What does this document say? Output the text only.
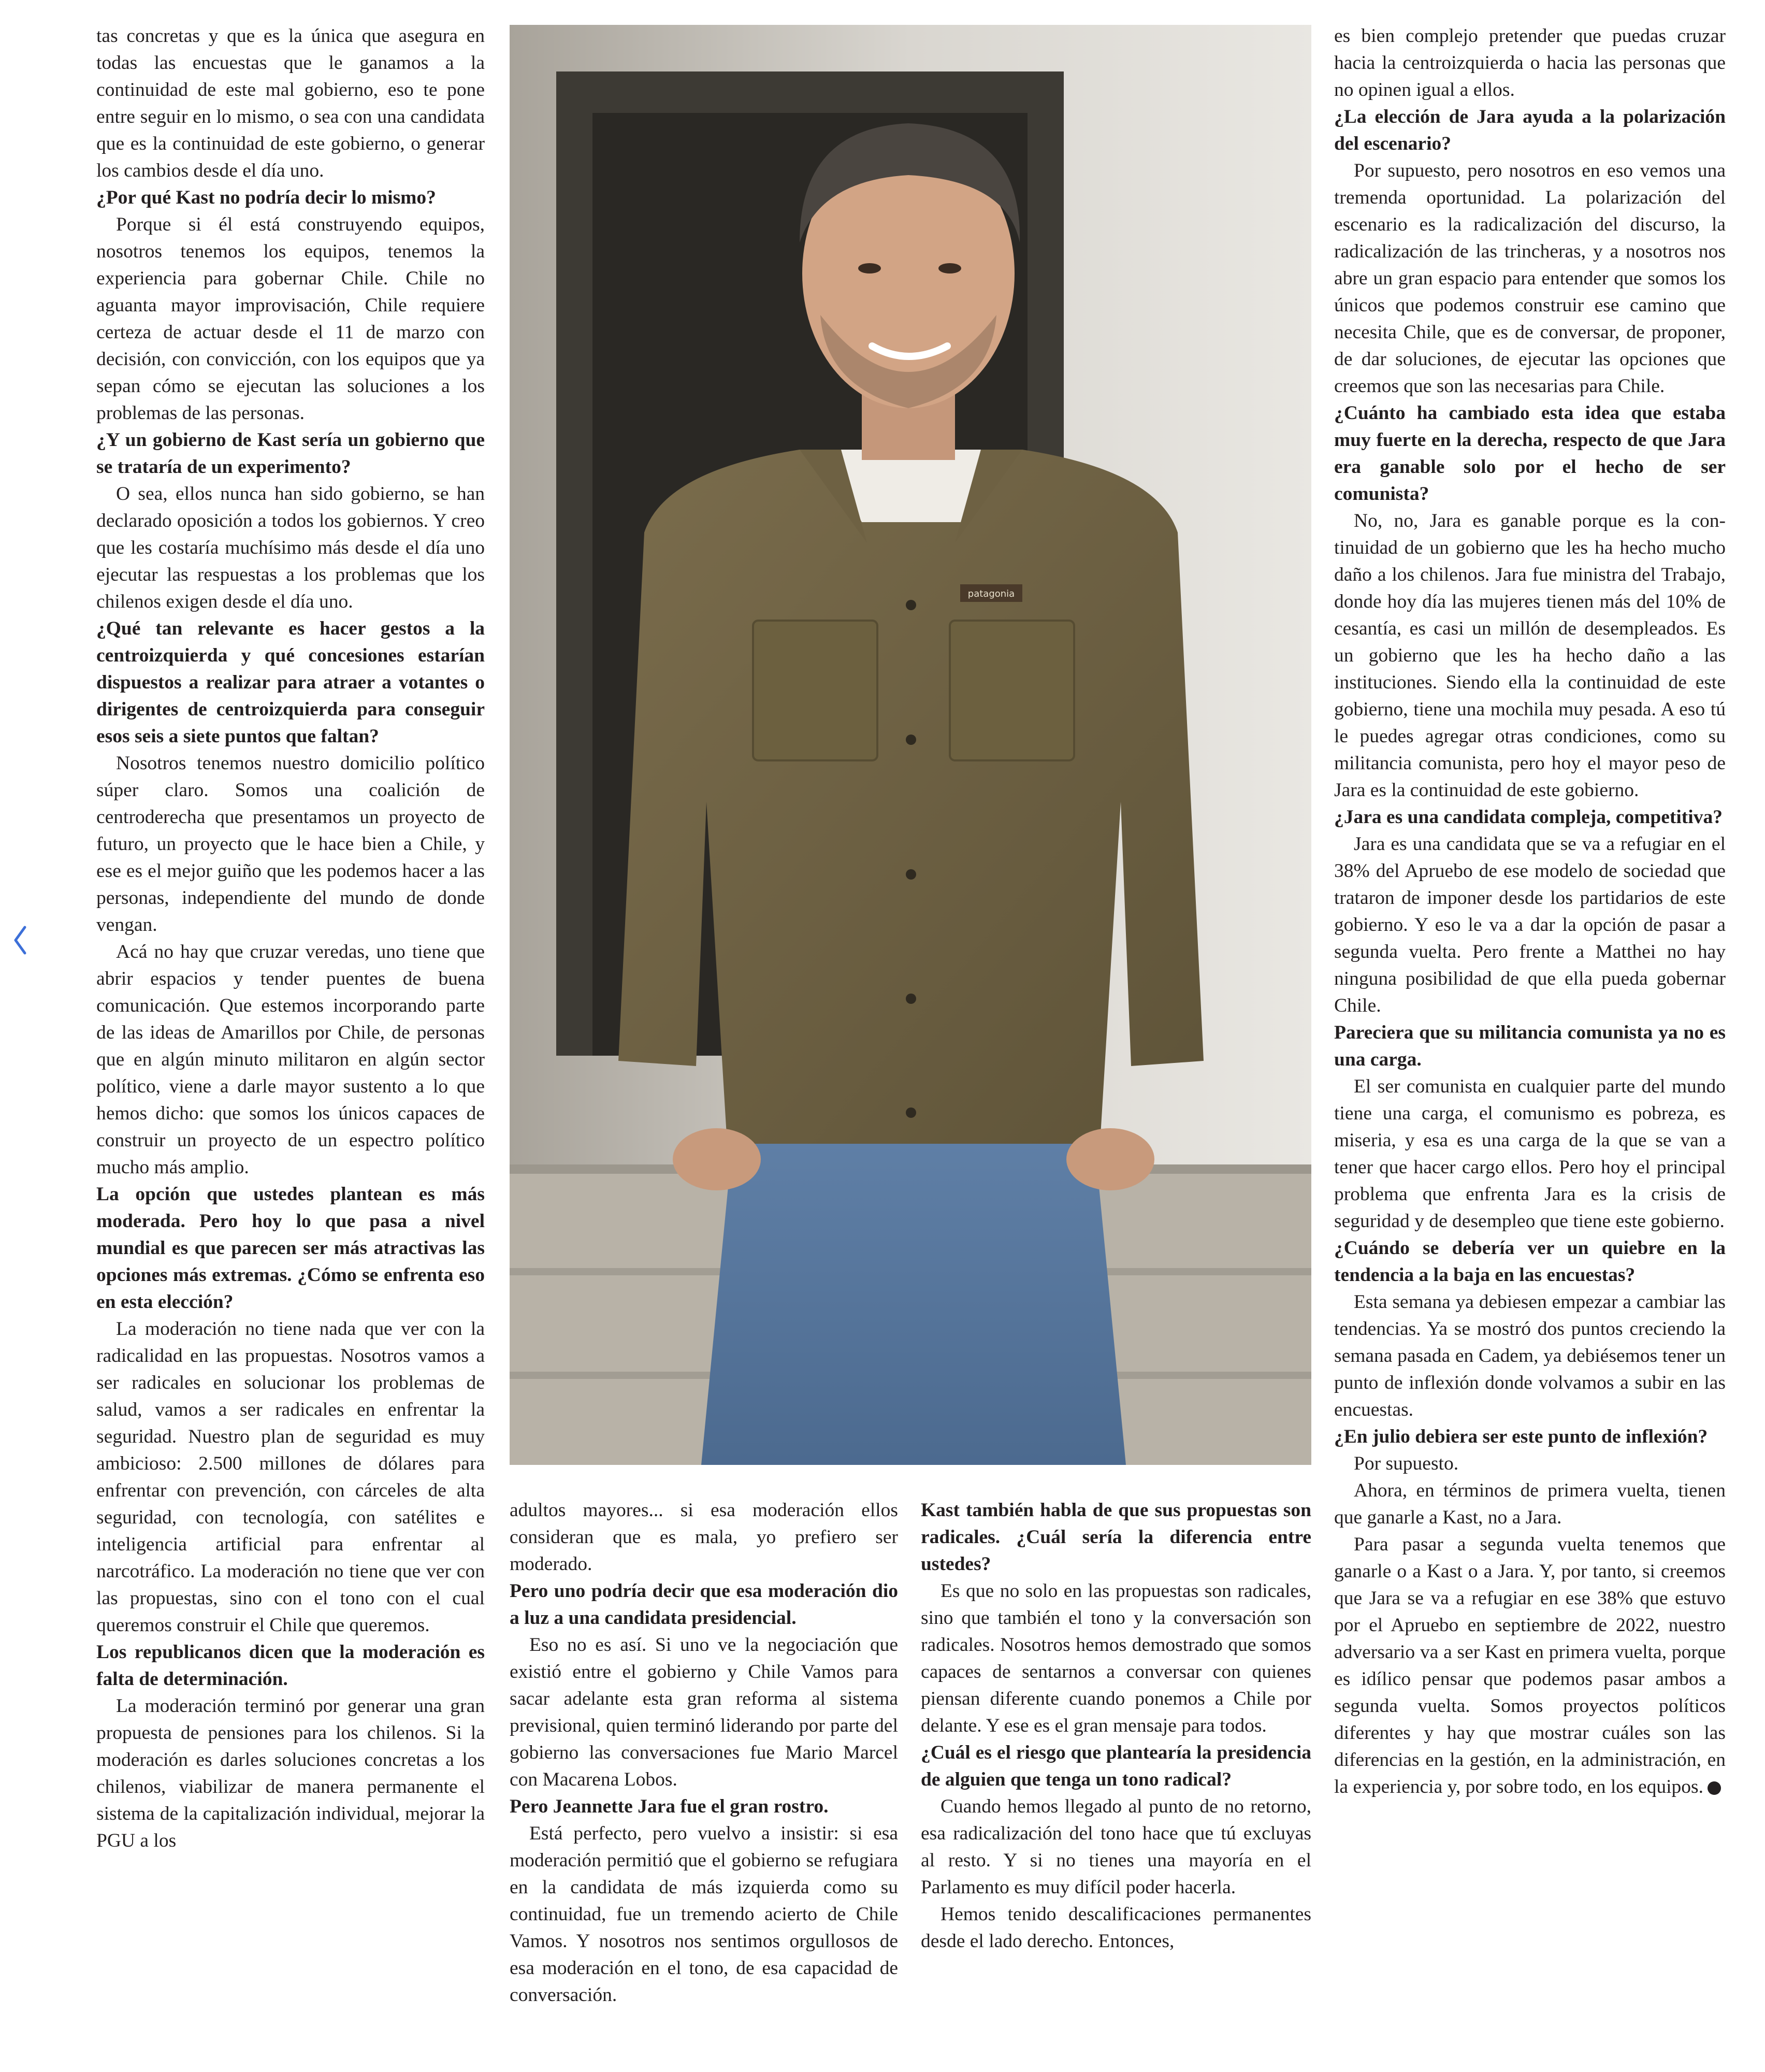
tas concretas y que es la única que asegura en todas las encuestas que le ganamos a la continuidad de este mal gobierno, eso te pone entre seguir en lo mismo, o sea con una candidata que es la continuidad de este gobierno, o generar los cambios desde el día uno.

¿Por qué Kast no podría decir lo mismo?

Porque si él está construyendo equipos, nosotros tenemos los equipos, tenemos la experiencia para gobernar Chile. Chile no aguanta mayor improvisación, Chile requiere certeza de actuar desde el 11 de marzo con decisión, con convicción, con los equipos que ya sepan cómo se ejecutan las soluciones a los problemas de las personas.

¿Y un gobierno de Kast sería un gobierno que se trataría de un experimento?

O sea, ellos nunca han sido gobierno, se han declarado oposición a todos los gobiernos. Y creo que les costaría muchísimo más desde el día uno ejecutar las respuestas a los problemas que los chilenos exigen desde el día uno.

¿Qué tan relevante es hacer gestos a la centroizquierda y qué concesiones estarían dispuestos a realizar para atraer a votantes o dirigentes de centroizquierda para conseguir esos seis a siete puntos que faltan?

Nosotros tenemos nuestro domicilio político súper claro. Somos una coalición de centroderecha que presentamos un proyecto de futuro, un proyecto que le hace bien a Chile, y ese es el mejor guiño que les podemos hacer a las personas, independiente del mundo de donde vengan.

Acá no hay que cruzar veredas, uno tiene que abrir espacios y tender puentes de buena comunicación. Que estemos incorporando parte de las ideas de Amarillos por Chile, de personas que en algún minuto militaron en algún sector político, viene a darle mayor sustento a lo que hemos dicho: que somos los únicos capaces de construir un proyecto de un espectro político mucho más amplio.

La opción que ustedes plantean es más moderada. Pero hoy lo que pasa a nivel mundial es que parecen ser más atractivas las opciones más extremas. ¿Cómo se enfrenta eso en esta elección?

La moderación no tiene nada que ver con la radicalidad en las propuestas. Nosotros vamos a ser radicales en solucionar los problemas de salud, vamos a ser radicales en enfrentar la seguridad. Nuestro plan de seguridad es muy ambicioso: 2.500 millones de dólares para enfrentar con prevención, con cárceles de alta seguridad, con tecnología, con satélites e inteligencia artificial para enfrentar al narcotráfico. La moderación no tiene que ver con las propuestas, sino con el tono con el cual queremos construir el Chile que queremos.

Los republicanos dicen que la moderación es falta de determinación.

La moderación terminó por generar una gran propuesta de pensiones para los chilenos. Si la moderación es darles soluciones concretas a los chilenos, viabilizar de manera permanente el sistema de la capitalización individual, mejorar la PGU a los

patagonia

adultos mayores... si esa moderación ellos consideran que es mala, yo prefiero ser moderado.

Pero uno podría decir que esa moderación dio a luz a una candidata presidencial.

Eso no es así. Si uno ve la negociación que existió entre el gobierno y Chile Vamos para sacar adelante esta gran reforma al sistema previsional, quien terminó liderando por parte del gobierno las conversaciones fue Mario Marcel con Macarena Lobos.

Pero Jeannette Jara fue el gran rostro.

Está perfecto, pero vuelvo a insistir: si esa moderación permitió que el gobierno se refugiara en la candidata de más izquierda como su continuidad, fue un tremendo acierto de Chile Vamos. Y nosotros nos sentimos orgullosos de esa moderación en el tono, de esa capacidad de conversación.

Kast también habla de que sus propuestas son radicales. ¿Cuál sería la diferencia entre ustedes?

Es que no solo en las propuestas son radicales, sino que también el tono y la conversación son radicales. Nosotros hemos demostrado que somos capaces de sentarnos a conversar con quienes piensan diferente cuando ponemos a Chile por delante. Y ese es el gran mensaje para todos.

¿Cuál es el riesgo que plantearía la presidencia de alguien que tenga un tono radical?

Cuando hemos llegado al punto de no retorno, esa radicalización del tono hace que tú excluyas al resto. Y si no tienes una mayoría en el Parlamento es muy difícil poder hacerla.

Hemos tenido descalificaciones permanentes desde el lado derecho. Entonces,

es bien complejo pretender que puedas cruzar hacia la centroizquierda o hacia las personas que no opinen igual a ellos.

¿La elección de Jara ayuda a la polarización del escenario?

Por supuesto, pero nosotros en eso vemos una tremenda oportunidad. La polarización del escenario es la radicalización del discurso, la radicalización de las trincheras, y a nosotros nos abre un gran espacio para entender que somos los únicos que podemos construir ese camino que necesita Chile, que es de conversar, de proponer, de dar soluciones, de ejecutar las opciones que creemos que son las necesarias para Chile.

¿Cuánto ha cambiado esta idea que estaba muy fuerte en la derecha, respecto de que Jara era ganable solo por el hecho de ser comunista?

No, no, Jara es ganable porque es la continuidad de un gobierno que les ha hecho mucho daño a los chilenos. Jara fue ministra del Trabajo, donde hoy día las mujeres tienen más del 10% de cesantía, es casi un millón de desempleados. Es un gobierno que les ha hecho daño a las instituciones. Siendo ella la continuidad de este gobierno, tiene una mochila muy pesada. A eso tú le puedes agregar otras condiciones, como su militancia comunista, pero hoy el mayor peso de Jara es la continuidad de este gobierno.

¿Jara es una candidata compleja, competitiva?

Jara es una candidata que se va a refugiar en el 38% del Apruebo de ese modelo de sociedad que trataron de imponer desde los partidarios de este gobierno. Y eso le va a dar la opción de pasar a segunda vuelta. Pero frente a Matthei no hay ninguna posibilidad de que ella pueda gobernar Chile.

Pareciera que su militancia comunista ya no es una carga.

El ser comunista en cualquier parte del mundo tiene una carga, el comunismo es pobreza, es miseria, y esa es una carga de la que se van a tener que hacer cargo ellos. Pero hoy el principal problema que enfrenta Jara es la crisis de seguridad y de desempleo que tiene este gobierno.

¿Cuándo se debería ver un quiebre en la tendencia a la baja en las encuestas?

Esta semana ya debiesen empezar a cambiar las tendencias. Ya se mostró dos puntos creciendo la semana pasada en Cadem, ya debiésemos tener un punto de inflexión donde volvamos a subir en las encuestas.

¿En julio debiera ser este punto de inflexión?

Por supuesto.

Ahora, en términos de primera vuelta, tienen que ganarle a Kast, no a Jara.

Para pasar a segunda vuelta tenemos que ganarle o a Kast o a Jara. Y, por tanto, si creemos que Jara se va a refugiar en ese 38% que estuvo por el Apruebo en septiembre de 2022, nuestro adversario va a ser Kast en primera vuelta, porque es idílico pensar que podemos pasar ambos a segunda vuelta. Somos proyectos políticos diferentes y hay que mostrar cuáles son las diferencias en la gestión, en la administración, en la experiencia y, por sobre todo, en los equipos.	D
